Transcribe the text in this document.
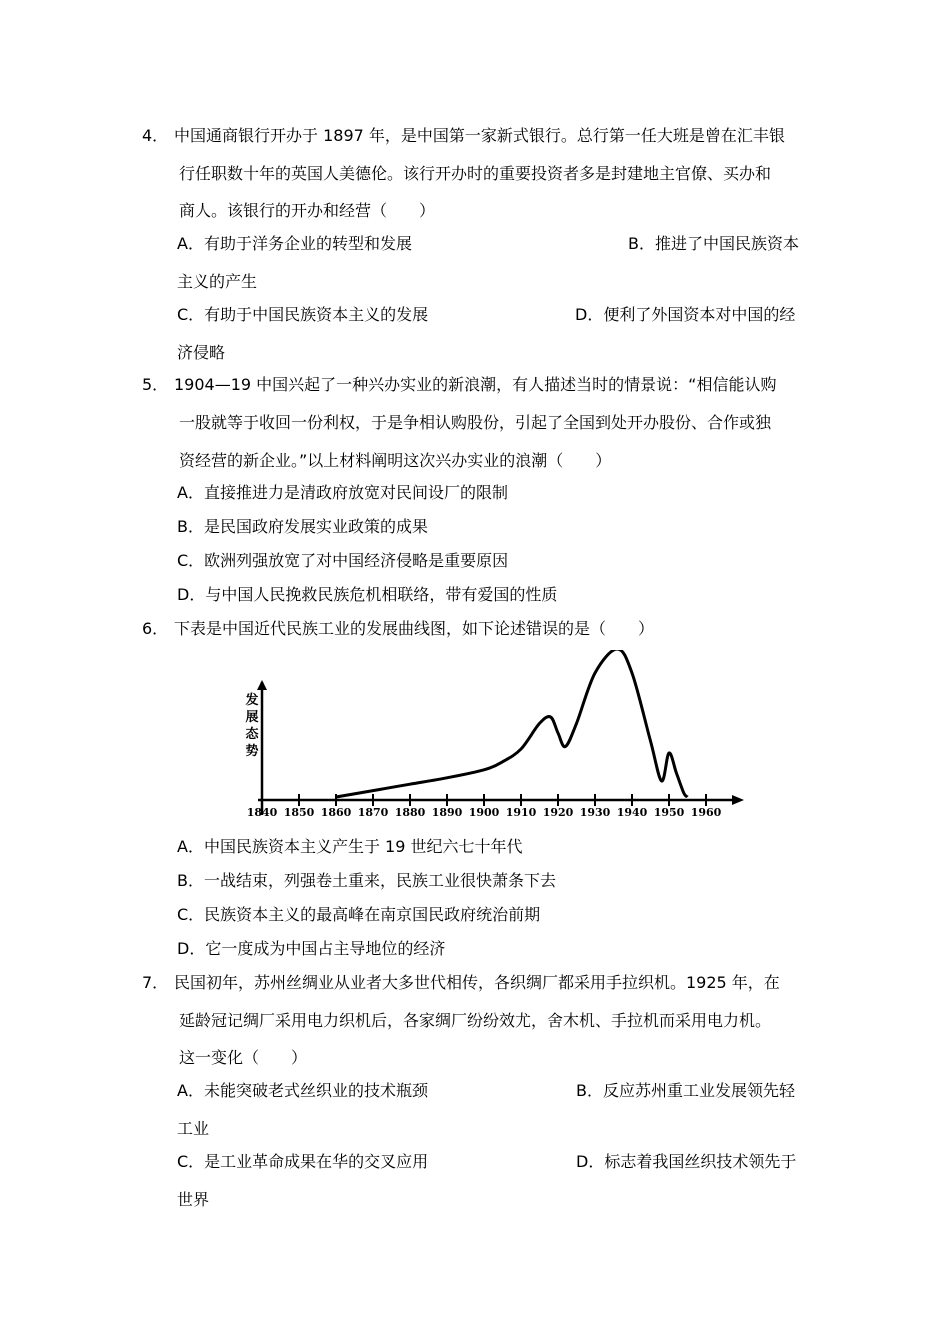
4． 中国通商银行开办于 1897 年，是中国第一家新式银行。总行第一任大班是曾在汇丰银
行任职数十年的英国人美德伦。该行开办时的重要投资者多是封建地主官僚、买办和
商人。该银行的开办和经营（　　）
A．有助于洋务企业的转型和发展	B．推进了中国民族资本
主义的产生
C．有助于中国民族资本主义的发展	D．便利了外国资本对中国的经
济侵略
5． 1904—19 中国兴起了一种兴办实业的新浪潮，有人描述当时的情景说：“相信能认购
一股就等于收回一份利权，于是争相认购股份，引起了全国到处开办股份、合作或独
资经营的新企业。”以上材料阐明这次兴办实业的浪潮（　　）
A．直接推进力是清政府放宽对民间设厂的限制
B．是民国政府发展实业政策的成果
C．欧洲列强放宽了对中国经济侵略是重要原因
D．与中国人民挽救民族危机相联络，带有爱国的性质
6． 下表是中国近代民族工业的发展曲线图，如下论述错误的是（　　）
发
展
态
势
1840 1850 1860 1870 1880 1890 1900 1910 1920 1930 1940 1950 1960
A．中国民族资本主义产生于 19 世纪六七十年代
B．一战结束，列强卷土重来，民族工业很快萧条下去
C．民族资本主义的最高峰在南京国民政府统治前期
D．它一度成为中国占主导地位的经济
7． 民国初年，苏州丝绸业从业者大多世代相传，各织绸厂都采用手拉织机。1925 年，在
延龄冠记绸厂采用电力织机后，各家绸厂纷纷效尤，舍木机、手拉机而采用电力机。
这一变化（　　）
A．未能突破老式丝织业的技术瓶颈	B．反应苏州重工业发展领先轻
工业
C．是工业革命成果在华的交叉应用	D．标志着我国丝织技术领先于
世界
